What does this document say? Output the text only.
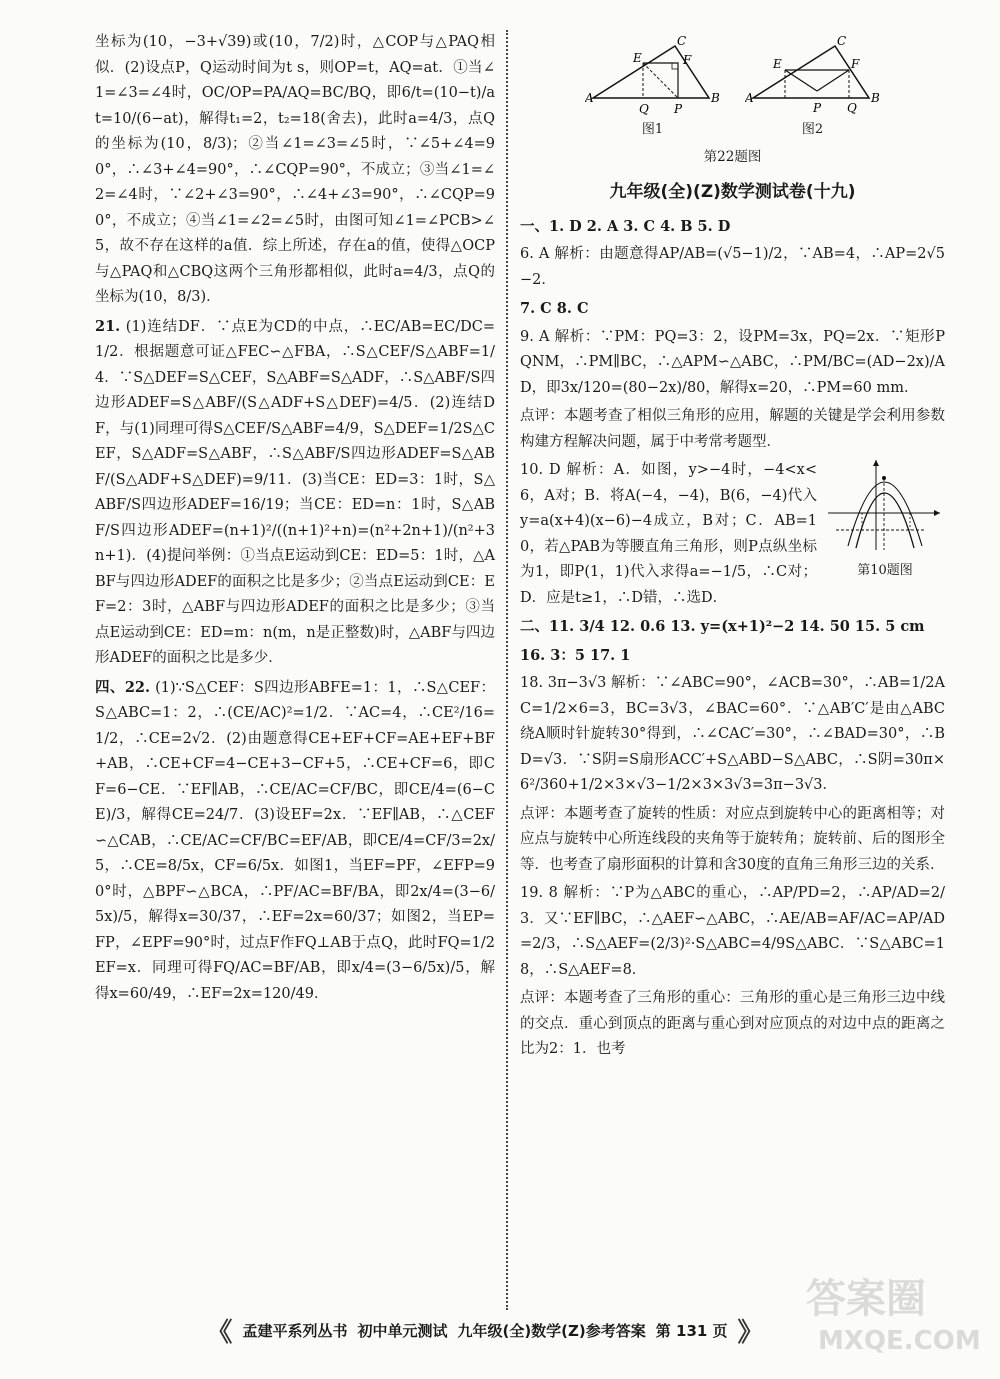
坐标为(10，−3+√39)或(10，7/2)时，△COP与△PAQ相似．(2)设点P，Q运动时间为t s，则OP=t，AQ=at．①当∠1=∠3=∠4时，OC/OP=PA/AQ=BC/BQ，即6/t=(10−t)/at=10/(6−at)，解得t₁=2，t₂=18(舍去)，此时a=4/3，点Q的坐标为(10，8/3)；②当∠1=∠3=∠5时，∵∠5+∠4=90°，∴∠3+∠4=90°，∴∠CQP=90°，不成立；③当∠1=∠2=∠4时，∵∠2+∠3=90°，∴∠4+∠3=90°，∴∠CQP=90°，不成立；④当∠1=∠2=∠5时，由图可知∠1=∠PCB>∠5，故不存在这样的a值．综上所述，存在a的值，使得△OCP与△PAQ和△CBQ这两个三角形都相似，此时a=4/3，点Q的坐标为(10，8/3)．

21. (1)连结DF．∵点E为CD的中点，∴EC/AB=EC/DC=1/2．根据题意可证△FEC∽△FBA，∴S△CEF/S△ABF=1/4．∵S△DEF=S△CEF，S△ABF=S△ADF，∴S△ABF/S四边形ADEF=S△ABF/(S△ADF+S△DEF)=4/5．(2)连结DF，与(1)同理可得S△CEF/S△ABF=4/9，S△DEF=1/2S△CEF，S△ADF=S△ABF，∴S△ABF/S四边形ADEF=S△ABF/(S△ADF+S△DEF)=9/11．(3)当CE：ED=3：1时，S△ABF/S四边形ADEF=16/19；当CE：ED=n：1时，S△ABF/S四边形ADEF=(n+1)²/((n+1)²+n)=(n²+2n+1)/(n²+3n+1)．(4)提问举例：①当点E运动到CE：ED=5：1时，△ABF与四边形ADEF的面积之比是多少；②当点E运动到CE：EF=2：3时，△ABF与四边形ADEF的面积之比是多少；③当点E运动到CE：ED=m：n(m，n是正整数)时，△ABF与四边形ADEF的面积之比是多少．

四、22. (1)∵S△CEF：S四边形ABFE=1：1，∴S△CEF：S△ABC=1：2，∴(CE/AC)²=1/2．∵AC=4，∴CE²/16=1/2，∴CE=2√2．(2)由题意得CE+EF+CF=AE+EF+BF+AB，∴CE+CF=4−CE+3−CF+5，∴CE+CF=6，即CF=6−CE．∵EF∥AB，∴CE/AC=CF/BC，即CE/4=(6−CE)/3，解得CE=24/7．(3)设EF=2x．∵EF∥AB，∴△CEF∽△CAB，∴CE/AC=CF/BC=EF/AB，即CE/4=CF/3=2x/5，∴CE=8/5x，CF=6/5x．如图1，当EF=PF，∠EFP=90°时，△BPF∽△BCA，∴PF/AC=BF/BA，即2x/4=(3−6/5x)/5，解得x=30/37，∴EF=2x=60/37；如图2，当EP=FP，∠EPF=90°时，过点F作FQ⊥AB于点Q，此时FQ=1/2EF=x．同理可得FQ/AC=BF/AB，即x/4=(3−6/5x)/5，解得x=60/49，∴EF=2x=120/49．

A	B
C
E	F
Q P
A	B
C
E	F
P Q
图1	图2
第22题图
九年级(全)(Z)数学测试卷(十九)

一、1. D 2. A 3. C 4. B 5. D

6. A 解析：由题意得AP/AB=(√5−1)/2，∵AB=4，∴AP=2√5−2．

7. C 8. C

9. A 解析：∵PM：PQ=3：2，设PM=3x，PQ=2x．∵矩形PQNM，∴PM∥BC，∴△APM∽△ABC，∴PM/BC=(AD−2x)/AD，即3x/120=(80−2x)/80，解得x=20，∴PM=60 mm．

点评：本题考查了相似三角形的应用，解题的关键是学会利用参数构建方程解决问题，属于中考常考题型．

第10题图

10. D 解析：A．如图，y>−4时，−4<x<6，A对；B．将A(−4，−4)，B(6，−4)代入y=a(x+4)(x−6)−4成立，B对；C．AB=10，若△PAB为等腰直角三角形，则P点纵坐标为1，即P(1，1)代入求得a=−1/5，∴C对；D．应是t≥1，∴D错，∴选D．

二、11. 3/4 12. 0.6 13. y=(x+1)²−2 14. 50 15. 5 cm

16. 3：5 17. 1

18. 3π−3√3 解析：∵∠ABC=90°，∠ACB=30°，∴AB=1/2AC=1/2×6=3，BC=3√3，∠BAC=60°．∵△AB′C′是由△ABC绕A顺时针旋转30°得到，∴∠CAC′=30°，∴∠BAD=30°，∴BD=√3．∵S阴=S扇形ACC′+S△ABD−S△ABC，∴S阴=30π×6²/360+1/2×3×√3−1/2×3×3√3=3π−3√3．

点评：本题考查了旋转的性质：对应点到旋转中心的距离相等；对应点与旋转中心所连线段的夹角等于旋转角；旋转前、后的图形全等．也考查了扇形面积的计算和含30度的直角三角形三边的关系．

19. 8 解析：∵P为△ABC的重心，∴AP/PD=2，∴AP/AD=2/3．又∵EF∥BC，∴△AEF∽△ABC，∴AE/AB=AF/AC=AP/AD=2/3，∴S△AEF=(2/3)²·S△ABC=4/9S△ABC．∵S△ABC=18，∴S△AEF=8．

点评：本题考查了三角形的重心：三角形的重心是三角形三边中线的交点．重心到顶点的距离与重心到对应顶点的对边中点的距离之比为2：1．也考

《 孟建平系列丛书 初中单元测试 九年级(全)数学(Z)参考答案 第 131 页 》
答案圈
MXQE.COM
